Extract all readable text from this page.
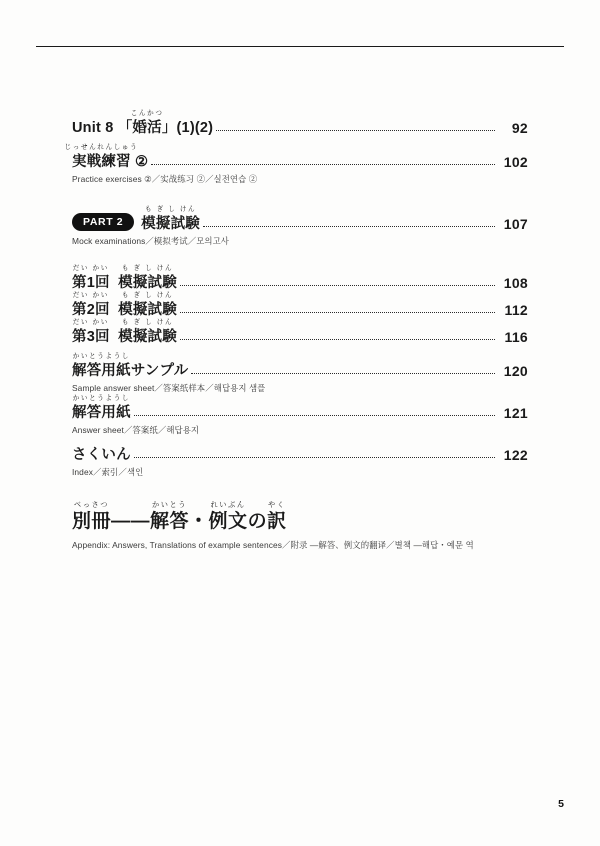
Unit 8 「
こんかつ
婚活」(1)(2)	92
じっせんれんしゅう
実戦練習 ②	102
Practice exercises ②／实战练习 ②／실전연습 ②
PART 2
も ぎ し けん
模擬試験	107
Mock examinations／模拟考试／모의고사
だい かい
第1回
も ぎ し けん
模擬試験	108
だい かい
第2回
も ぎ し けん
模擬試験	112
だい かい
第3回
も ぎ し けん
模擬試験	116
かいとうようし
解答用紙サンプル	120
Sample answer sheet／答案纸样本／해답용지 샘플
かいとうようし
解答用紙	121
Answer sheet／答案纸／해답용지
さくいん	122
Index／索引／색인
べっさつ
別冊——
かいとう
解答・
れいぶん
例文の
やく
訳
Appendix: Answers, Translations of example sentences／附录 —解答、例文的翻译／별책 —해답・예문 역
5
